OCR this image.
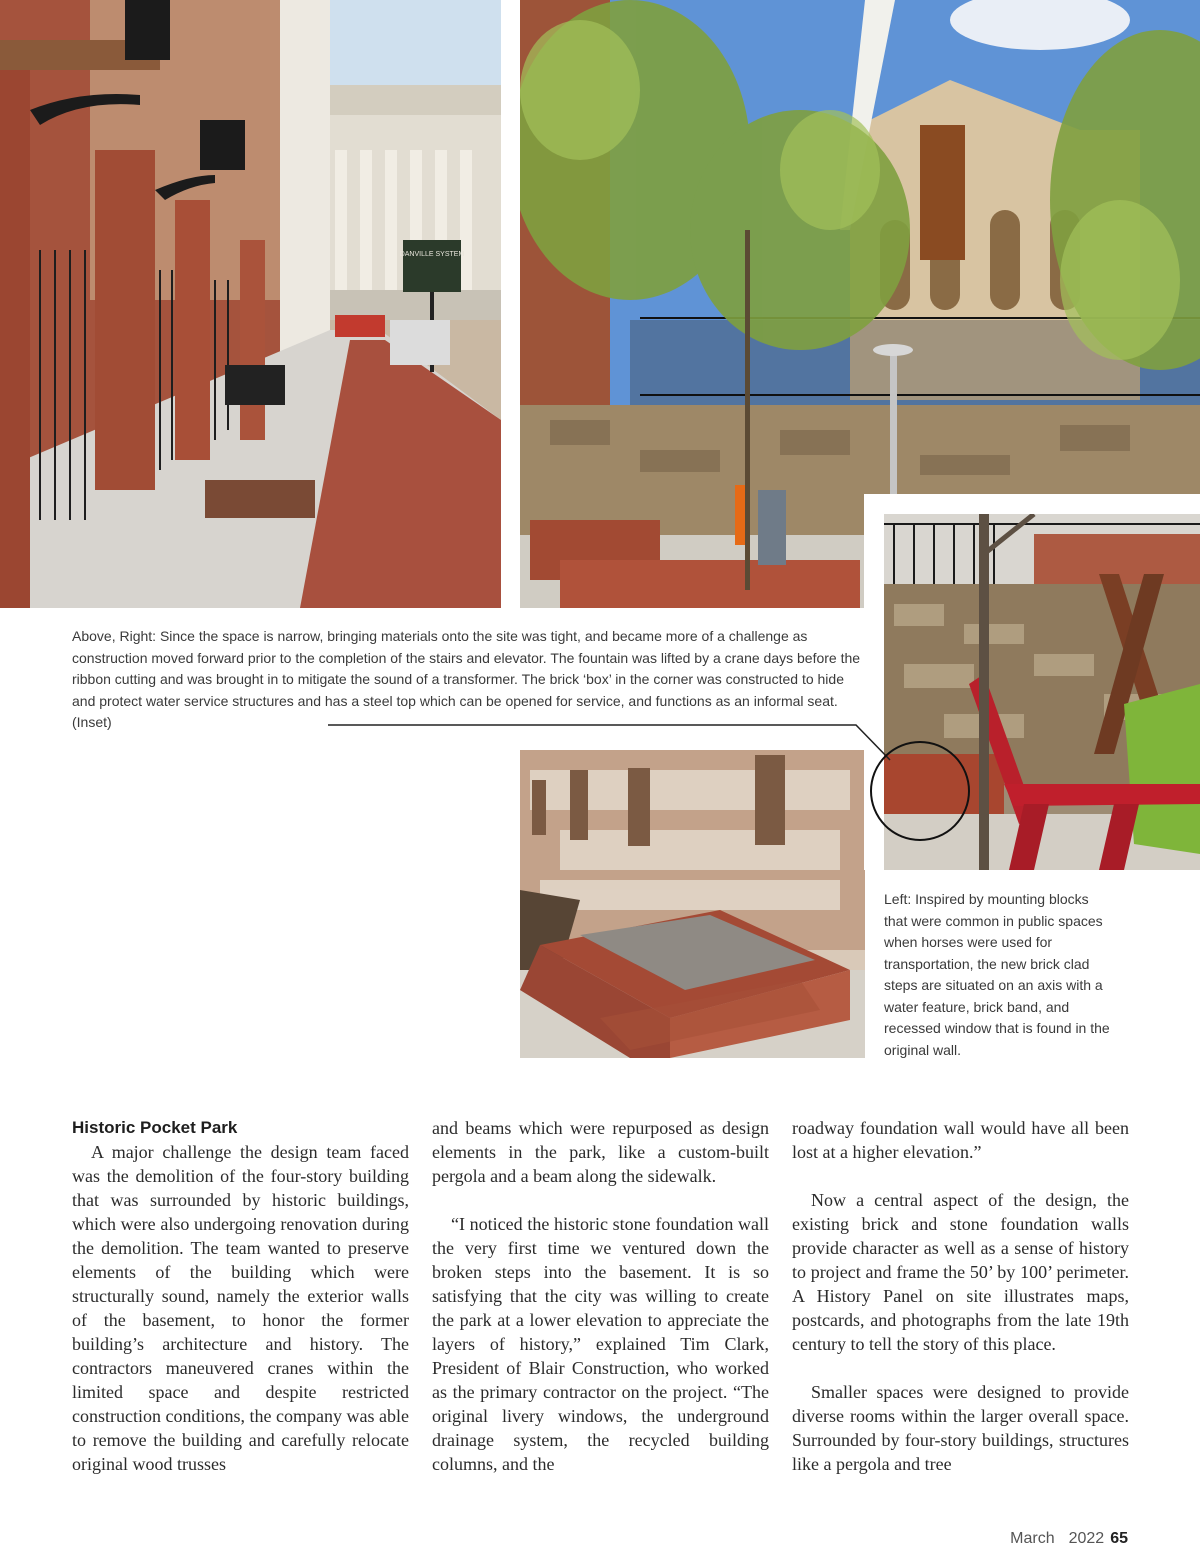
DANVILLE SYSTEM
Above, Right: Since the space is narrow, bringing materials onto the site was tight, and became more of a challenge as construction moved forward prior to the completion of the stairs and elevator. The fountain was lifted by a crane days before the ribbon cutting and was brought in to mitigate the sound of a transformer. The brick ‘box’ in the corner was constructed to hide and protect water service structures and has a steel top which can be opened for service, and functions as an informal seat. (Inset)
Left: Inspired by mounting blocks that were common in public spaces when horses were used for transportation, the new brick clad steps are situated on an axis with a water feature, brick band, and recessed window that is found in the original wall.
Historic Pocket Park

A major challenge the design team faced was the demolition of the four-story building that was surrounded by historic buildings, which were also undergoing renovation during the demolition. The team wanted to preserve elements of the building which were structurally sound, namely the exterior walls of the basement, to honor the former building’s architecture and history. The contractors maneuvered cranes within the limited space and despite restricted construction conditions, the company was able to remove the building and carefully relocate original wood trusses

and beams which were repurposed as design elements in the park, like a custom-built pergola and a beam along the sidewalk.

“I noticed the historic stone foundation wall the very first time we ventured down the broken steps into the basement. It is so satisfying that the city was willing to create the park at a lower elevation to appreciate the layers of history,” explained Tim Clark, President of Blair Construction, who worked as the primary contractor on the project. “The original livery windows, the underground drainage system, the recycled building columns, and the

roadway foundation wall would have all been lost at a higher elevation.”

Now a central aspect of the design, the existing brick and stone foundation walls provide character as well as a sense of history to project and frame the 50’ by 100’ perimeter. A History Panel on site illustrates maps, postcards, and photographs from the late 19th century to tell the story of this place.

Smaller spaces were designed to provide diverse rooms within the larger overall space. Surrounded by four-story buildings, structures like a pergola and tree

March 2022 65
